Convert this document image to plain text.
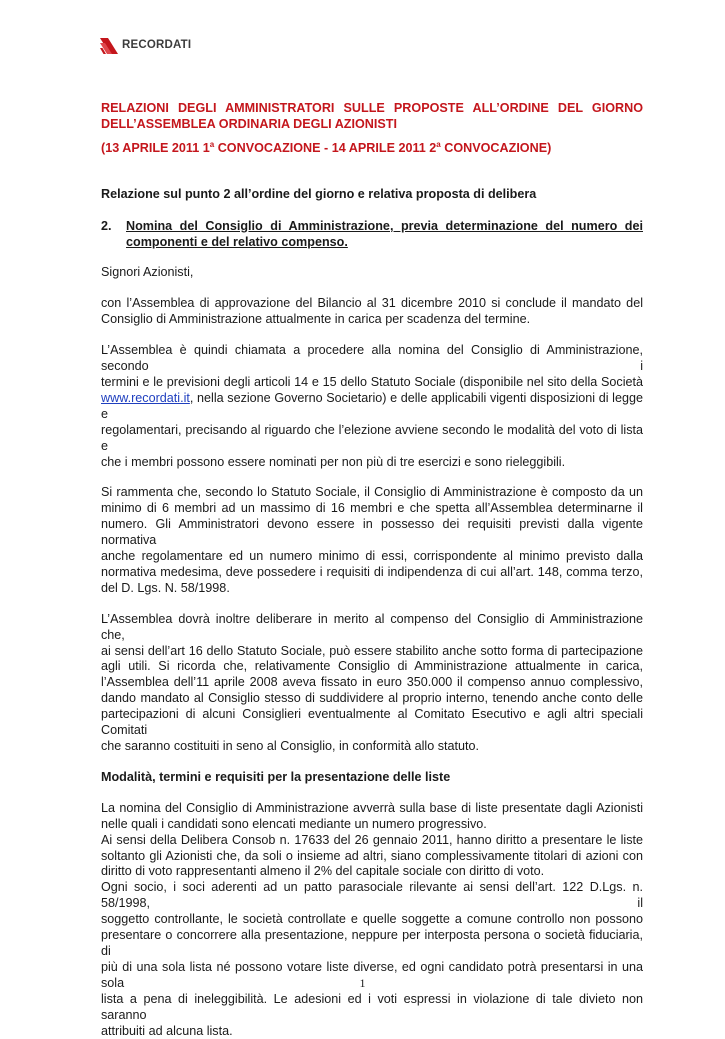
RECORDATI

RELAZIONI DEGLI AMMINISTRATORI SULLE PROPOSTE ALL’ORDINE DEL GIORNO

DELL’ASSEMBLEA ORDINARIA DEGLI AZIONISTI

(13 APRILE 2011 1$^a$ CONVOCAZIONE - 14 APRILE 2011 2$^a$ CONVOCAZIONE)

Relazione sul punto 2 all’ordine del giorno e relativa proposta di delibera

2.	Nomina del Consiglio di Amministrazione, previa determinazione del numero dei

componenti e del relativo compenso.

Signori Azionisti,

con l’Assemblea di approvazione del Bilancio al 31 dicembre 2010 si conclude il mandato del

Consiglio di Amministrazione attualmente in carica per scadenza del termine.

L’Assemblea è quindi chiamata a procedere alla nomina del Consiglio di Amministrazione, secondo i

termini e le previsioni degli articoli 14 e 15 dello Statuto Sociale (disponibile nel sito della Società

www.recordati.it, nella sezione Governo Societario) e delle applicabili vigenti disposizioni di legge e

regolamentari, precisando al riguardo che l’elezione avviene secondo le modalità del voto di lista e

che i membri possono essere nominati per non più di tre esercizi e sono rieleggibili.

Si rammenta che, secondo lo Statuto Sociale, il Consiglio di Amministrazione è composto da un

minimo di 6 membri ad un massimo di 16 membri e che spetta all’Assemblea determinarne il

numero. Gli Amministratori devono essere in possesso dei requisiti previsti dalla vigente normativa

anche regolamentare ed un numero minimo di essi, corrispondente al minimo previsto dalla

normativa medesima, deve possedere i requisiti di indipendenza di cui all’art. 148, comma terzo,

del D. Lgs. N. 58/1998.

L’Assemblea dovrà inoltre deliberare in merito al compenso del Consiglio di Amministrazione che,

ai sensi dell’art 16 dello Statuto Sociale, può essere stabilito anche sotto forma di partecipazione

agli utili. Si ricorda che, relativamente Consiglio di Amministrazione attualmente in carica,

l’Assemblea dell’11 aprile 2008 aveva fissato in euro 350.000 il compenso annuo complessivo,

dando mandato al Consiglio stesso di suddividere al proprio interno, tenendo anche conto delle

partecipazioni di alcuni Consiglieri eventualmente al Comitato Esecutivo e agli altri speciali Comitati

che saranno costituiti in seno al Consiglio, in conformità allo statuto.

Modalità, termini e requisiti per la presentazione delle liste

La nomina del Consiglio di Amministrazione avverrà sulla base di liste presentate dagli Azionisti

nelle quali i candidati sono elencati mediante un numero progressivo.

Ai sensi della Delibera Consob n. 17633 del 26 gennaio 2011, hanno diritto a presentare le liste

soltanto gli Azionisti che, da soli o insieme ad altri, siano complessivamente titolari di azioni con

diritto di voto rappresentanti almeno il 2% del capitale sociale con diritto di voto.

Ogni socio, i soci aderenti ad un patto parasociale rilevante ai sensi dell’art. 122 D.Lgs. n. 58/1998, il

soggetto controllante, le società controllate e quelle soggette a comune controllo non possono

presentare o concorrere alla presentazione, neppure per interposta persona o società fiduciaria, di

più di una sola lista né possono votare liste diverse, ed ogni candidato potrà presentarsi in una sola

lista a pena di ineleggibilità. Le adesioni ed i voti espressi in violazione di tale divieto non saranno

attribuiti ad alcuna lista.

1
